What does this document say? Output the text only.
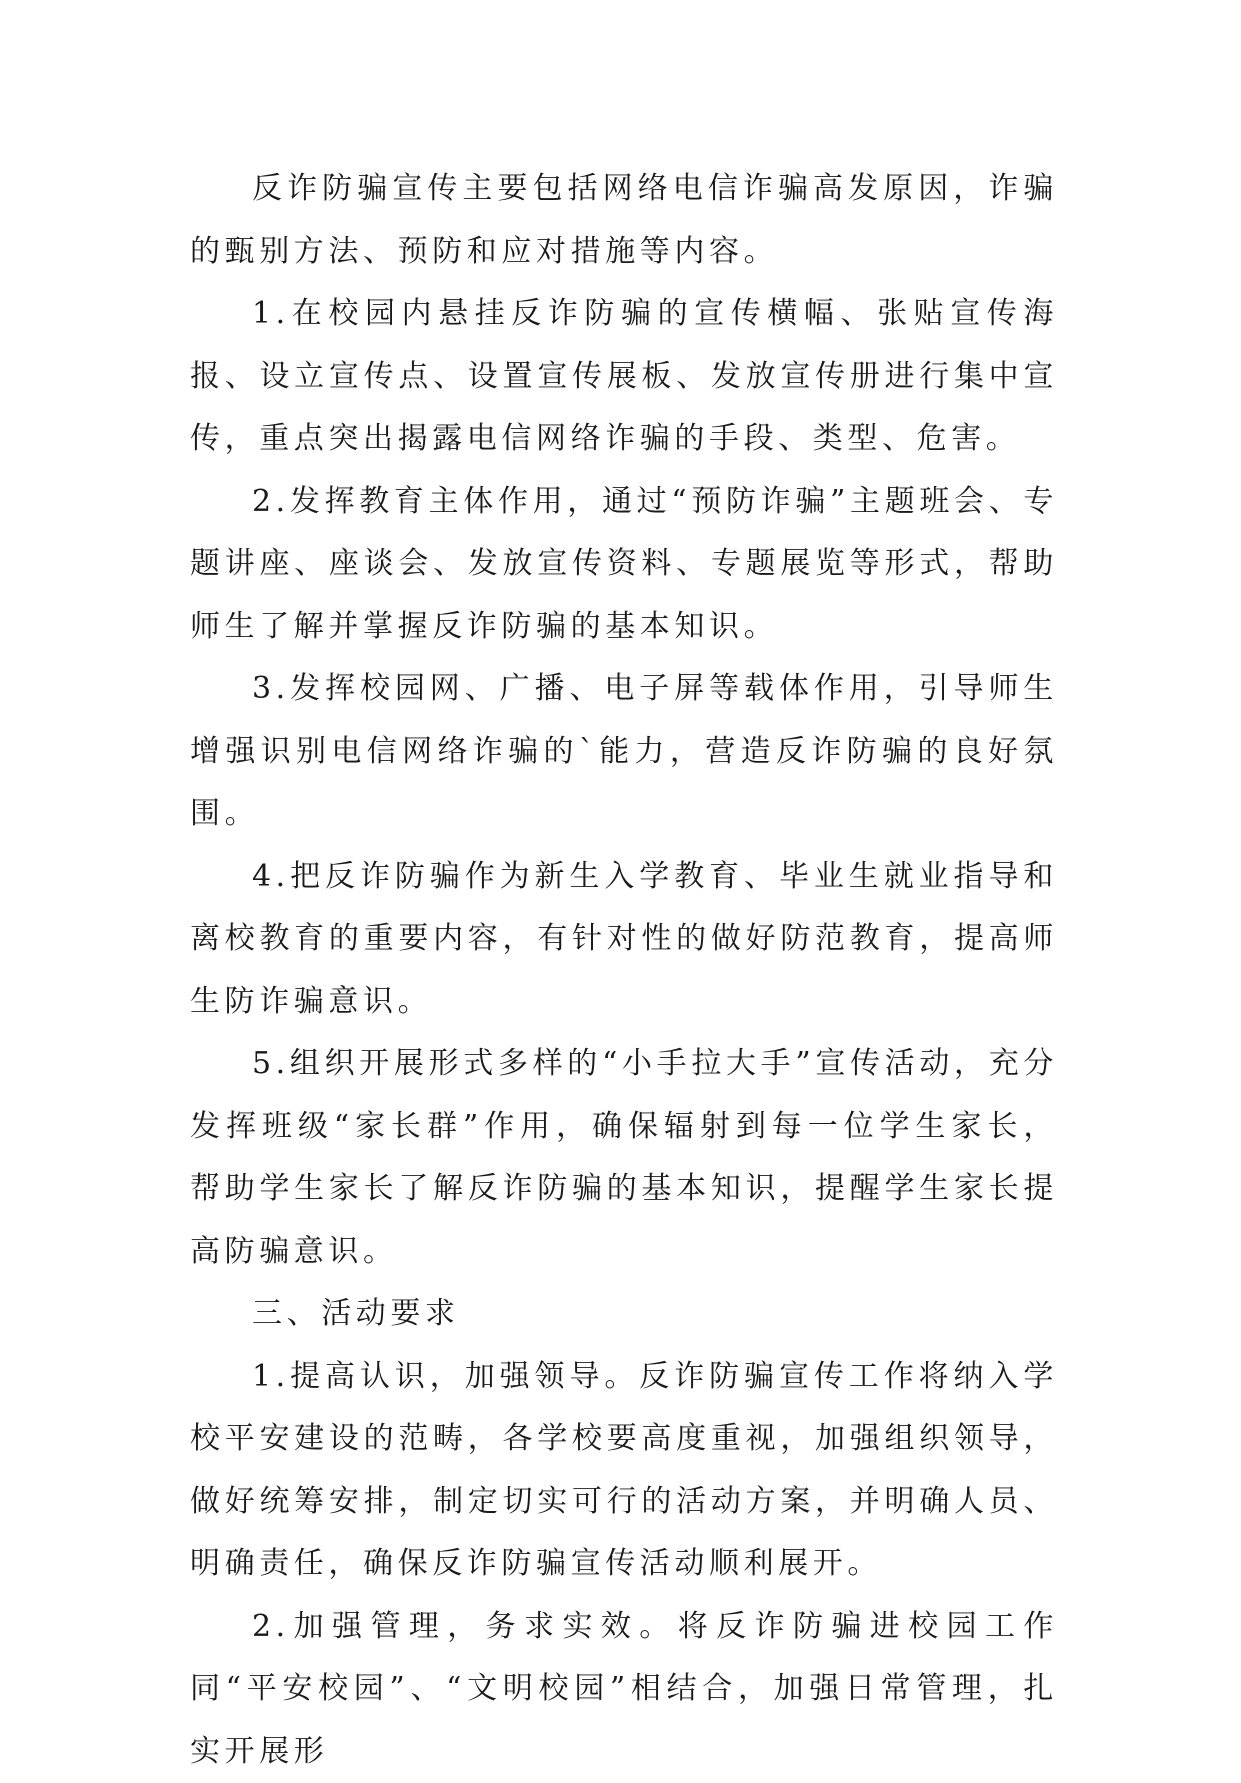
反诈防骗宣传主要包括网络电信诈骗高发原因，诈骗的甄别方法、预防和应对措施等内容。

1.在校园内悬挂反诈防骗的宣传横幅、张贴宣传海报、设立宣传点、设置宣传展板、发放宣传册进行集中宣传，重点突出揭露电信网络诈骗的手段、类型、危害。

2.发挥教育主体作用，通过“预防诈骗”主题班会、专题讲座、座谈会、发放宣传资料、专题展览等形式，帮助师生了解并掌握反诈防骗的基本知识。

3.发挥校园网、广播、电子屏等载体作用，引导师生增强识别电信网络诈骗的`能力，营造反诈防骗的良好氛围。

4.把反诈防骗作为新生入学教育、毕业生就业指导和离校教育的重要内容，有针对性的做好防范教育，提高师生防诈骗意识。

5.组织开展形式多样的“小手拉大手”宣传活动，充分发挥班级“家长群”作用，确保辐射到每一位学生家长，帮助学生家长了解反诈防骗的基本知识，提醒学生家长提高防骗意识。

三、活动要求

1.提高认识，加强领导。反诈防骗宣传工作将纳入学校平安建设的范畴，各学校要高度重视，加强组织领导，做好统筹安排，制定切实可行的活动方案，并明确人员、明确责任，确保反诈防骗宣传活动顺利展开。

2.加强管理，务求实效。将反诈防骗进校园工作同“平安校园”、“文明校园”相结合，加强日常管理，扎实开展形
